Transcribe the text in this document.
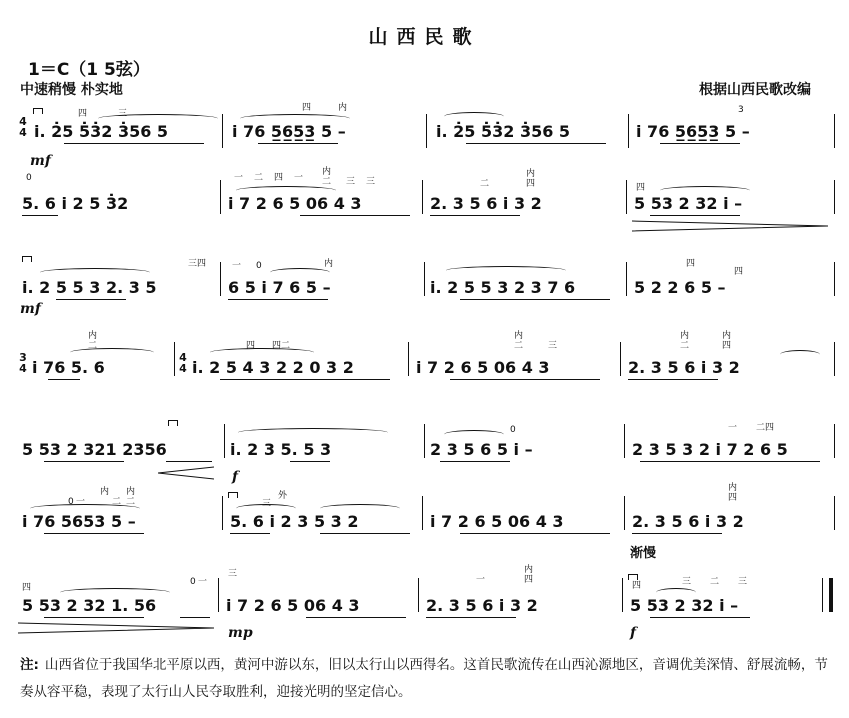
山西民歌
1＝C（1 5弦）
中速稍慢 朴实地	根据山西民歌改编
4
4
mf
四	三
四	内	3
i. 2̇5 5̇3̇2 3̇56 5	i 76 5̲6̲5̲3̲ 5 –	i. 2̇5 5̇3̇2 3̇56 5	i 76 5̲6̲5̲3̲ 5 –
0	一 二 四 一
内
二 三 三	二
内
四	四
5. 6 i 2 5 3̇2	i 7 2 6 5 06 4 3	2. 3 5 6 i 3 2	5 53 2 32 i –
mf
三四	一 0	内	四
四
i. 2 5 5 3 2. 3 5	6 5 i 7 6 5 –	i. 2 5 5 3 2 3 7 6	5 2 2 6 5 –
3
4
4
4
内
二	四 四二
内
二	三
内
二
内
四
i 76 5. 6	i. 2 5 4 3 2 2 0 3 2	i 7 2 6 5 06 4 3	2. 3 5 6 i 3 2
f
0	一 二四
5 53 2 321 2356	i. 2 3 5. 5 3	2 3 5 6 5 i –	2 3 5 3 2 i 7 2 6 5
0 一
内
二
内
二	三
外
内
四
i 76 5653 5 –	5. 6 i 2 3 5 3 2	i 7 2 6 5 06 4 3	2. 3 5 6 i 3 2
渐慢
四
0 一
三
一
内
四
四	三 二 三
5 53 2 32 1. 56	i 7 2 6 5 06 4 3	2. 3 5 6 i 3 2	5 53 2 32 i –
mp	f
注: 山西省位于我国华北平原以西，黄河中游以东，旧以太行山以西得名。这首民歌流传在山西沁源地区，音调优美深情、舒展流畅，节奏从容平稳，表现了太行山人民夺取胜利，迎接光明的坚定信心。
